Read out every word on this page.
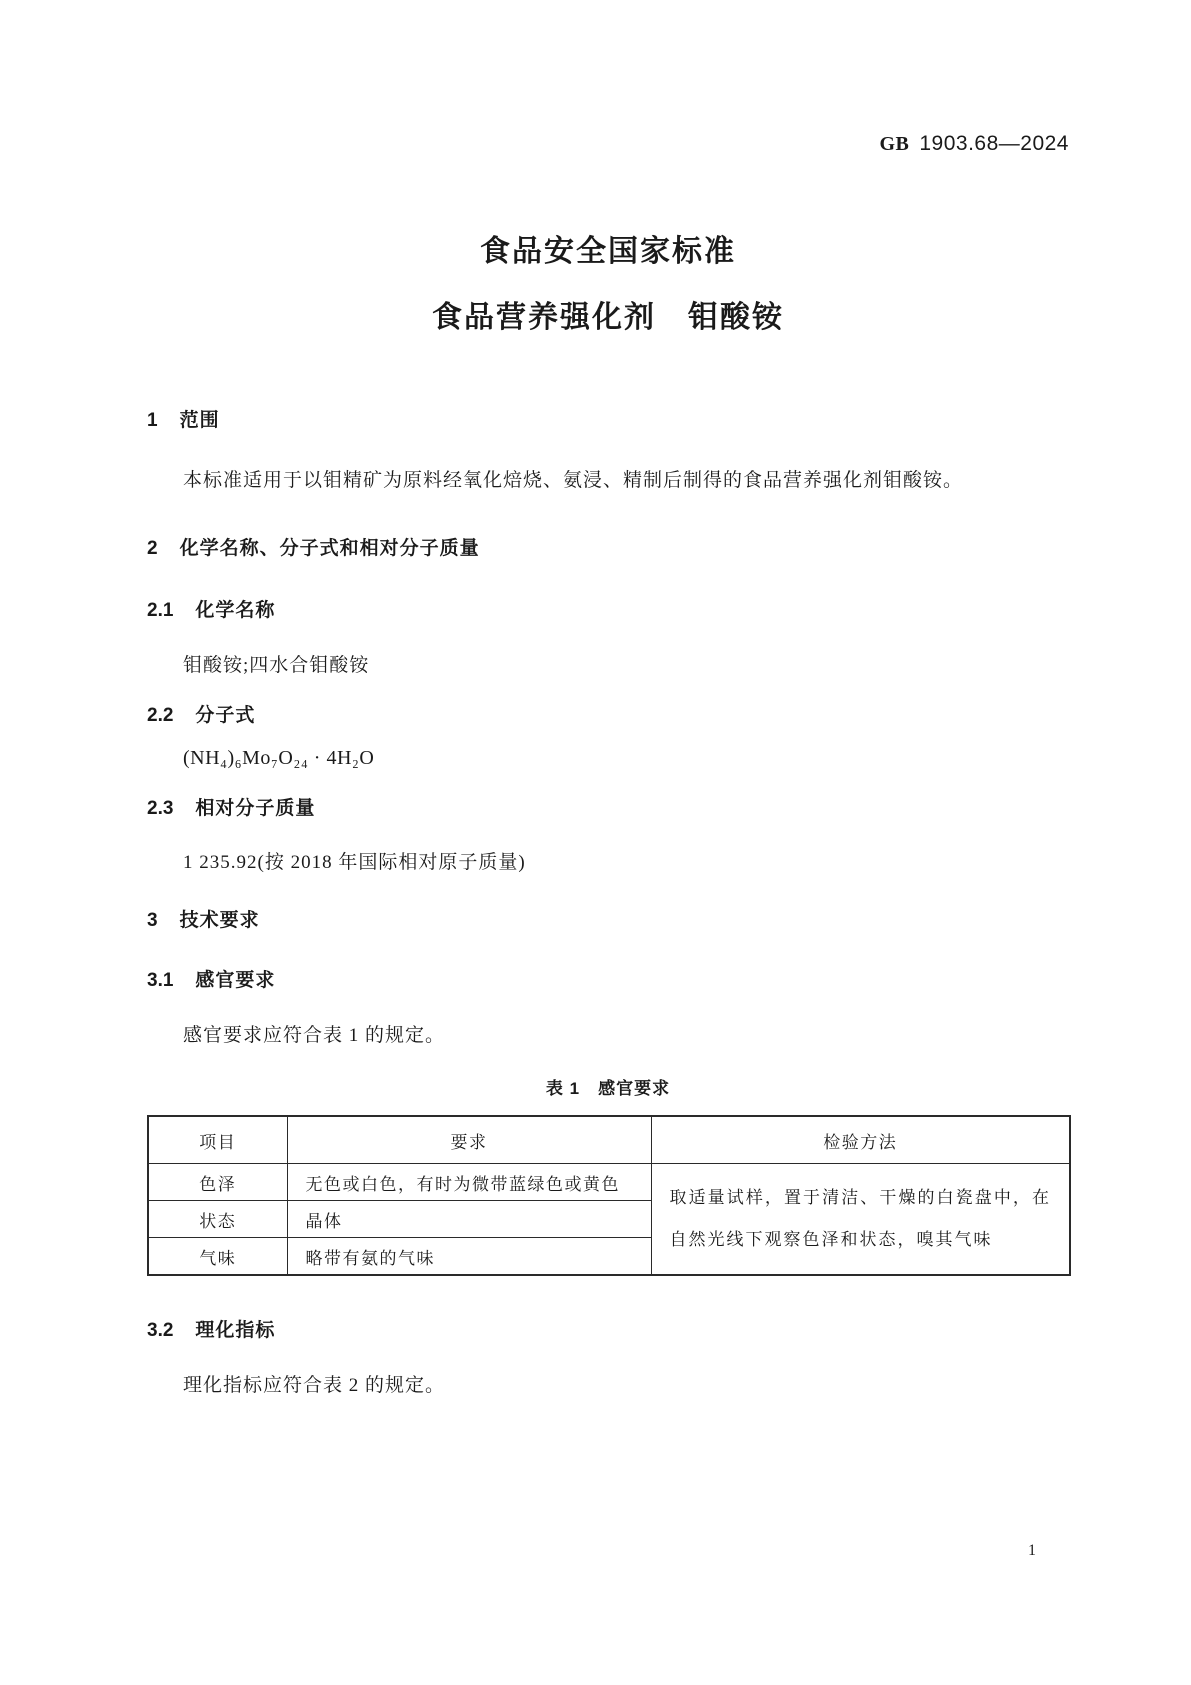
GB 1903.68—2024
食品安全国家标准
食品营养强化剂　钼酸铵
1 范围

本标准适用于以钼精矿为原料经氧化焙烧、氨浸、精制后制得的食品营养强化剂钼酸铵。

2 化学名称、分子式和相对分子质量
2.1 化学名称

钼酸铵;四水合钼酸铵

2.2 分子式

(NH₄)₆Mo₇O₂₄ · 4H₂O

2.3 相对分子质量

1 235.92(按 2018 年国际相对原子质量)

3 技术要求
3.1 感官要求

感官要求应符合表 1 的规定。

表 1　感官要求
项目	要求	检验方法
色泽	无色或白色，有时为微带蓝绿色或黄色	取适量试样，置于清洁、干燥的白瓷盘中，在自然光线下观察色泽和状态，嗅其气味
状态	晶体	
气味	略带有氨的气味	
3.2 理化指标

理化指标应符合表 2 的规定。

1
